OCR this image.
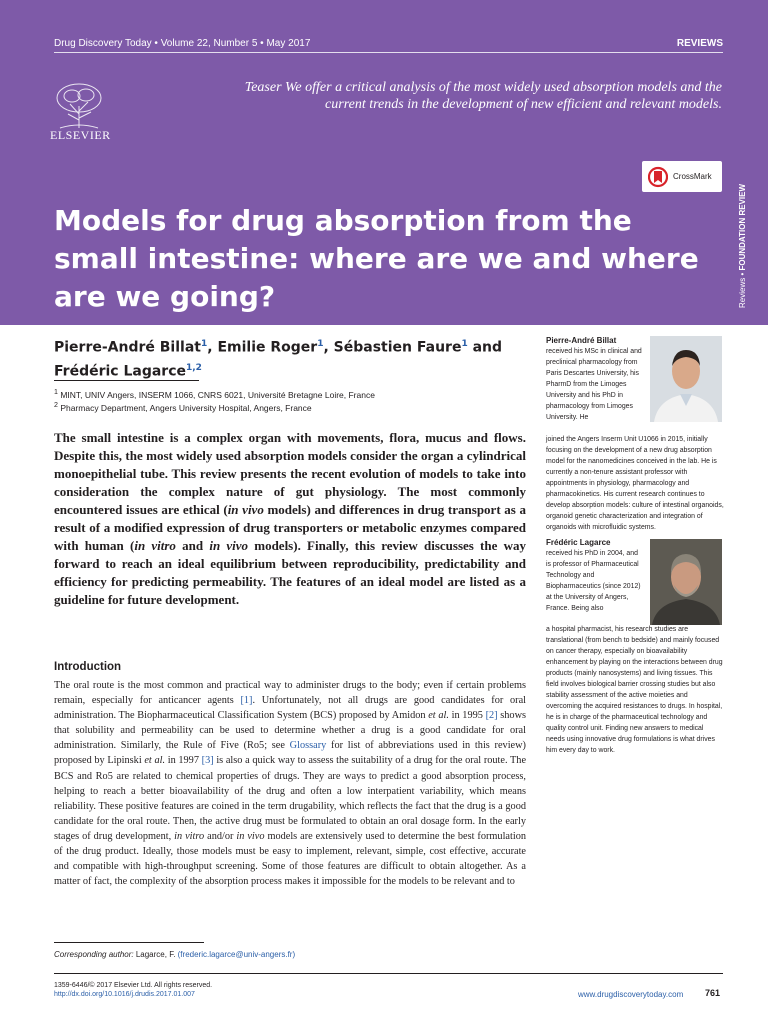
Drug Discovery Today • Volume 22, Number 5 • May 2017	REVIEWS
ELSEVIER
Teaser We offer a critical analysis of the most widely used absorption models and the
current trends in the development of new efficient and relevant models.
CrossMark
Reviews • FOUNDATION REVIEW
Models for drug absorption from the small intestine: where are we and where are we going?
Pierre-André Billat$^1$, Emilie Roger$^1$, Sébastien Faure$^1$ and
Frédéric Lagarce$^{1,2}$
$^1$ MINT, UNIV Angers, INSERM 1066, CNRS 6021, Université Bretagne Loire, France
$^2$ Pharmacy Department, Angers University Hospital, Angers, France

The small intestine is a complex organ with movements, flora, mucus and flows. Despite this, the most widely used absorption models consider the organ a cylindrical monoepithelial tube. This review presents the recent evolution of models to take into consideration the complex nature of gut physiology. The most commonly encountered issues are ethical (in vivo models) and differences in drug transport as a result of a modified expression of drug transporters or metabolic enzymes compared with human (in vitro and in vivo models). Finally, this review discusses the way forward to reach an ideal equilibrium between reproducibility, predictability and efficiency for predicting permeability. The features of an ideal model are listed as a guideline for future development.

Introduction

The oral route is the most common and practical way to administer drugs to the body; even if certain problems remain, especially for anticancer agents [1]. Unfortunately, not all drugs are good candidates for oral administration. The Biopharmaceutical Classification System (BCS) proposed by Amidon et al. in 1995 [2] shows that solubility and permeability can be used to determine whether a drug is a good candidate for oral administration. Similarly, the Rule of Five (Ro5; see Glossary for list of abbreviations used in this review) proposed by Lipinski et al. in 1997 [3] is also a quick way to assess the suitability of a drug for the oral route. The BCS and Ro5 are related to chemical properties of drugs. They are ways to predict a good absorption process, helping to reach a better bioavailability of the drug and often a low interpatient variability, which means reliability. These positive features are coined in the term drugability, which reflects the fact that the drug is a good candidate for the oral route. Then, the active drug must be formulated to obtain an oral dosage form. In the early stages of drug development, in vitro and/or in vivo models are extensively used to determine the best formulation of the drug product. Ideally, those models must be easy to implement, relevant, simple, cost effective, accurate and compatible with high-throughput screening. Some of those features are difficult to obtain altogether. As a matter of fact, the complexity of the absorption process makes it impossible for the models to be relevant and to

Pierre-André Billat
received his MSc in clinical and preclinical pharmacology from Paris Descartes University, his PharmD from the Limoges University and his PhD in pharmacology from Limoges University. He
joined the Angers Inserm Unit U1066 in 2015, initially focusing on the development of a new drug absorption model for the nanomedicines conceived in the lab. He is currently a non-tenure assistant professor with appointments in physiology, pharmacology and pharmacokinetics. His current research continues to develop absorption models: culture of intestinal organoids, organoid genetic characterization and integration of organoids with microfluidic systems.
Frédéric Lagarce
received his PhD in 2004, and is professor of Pharmaceutical Technology and Biopharmaceutics (since 2012) at the University of Angers, France. Being also
a hospital pharmacist, his research studies are translational (from bench to bedside) and mainly focused on cancer therapy, especially on bioavailability enhancement by playing on the interactions between drug products (mainly nanosystems) and living tissues. This field involves biological barrier crossing studies but also stability assessment of the active moieties and overcoming the acquired resistances to drugs. In hospital, he is in charge of the pharmaceutical technology and quality control unit. Finding new answers to medical needs using innovative drug formulations is what drives him every day to work.
Corresponding author: Lagarce, F. (frederic.lagarce@univ-angers.fr)
1359-6446/© 2017 Elsevier Ltd. All rights reserved.
http://dx.doi.org/10.1016/j.drudis.2017.01.007	www.drugdiscoverytoday.com 761
